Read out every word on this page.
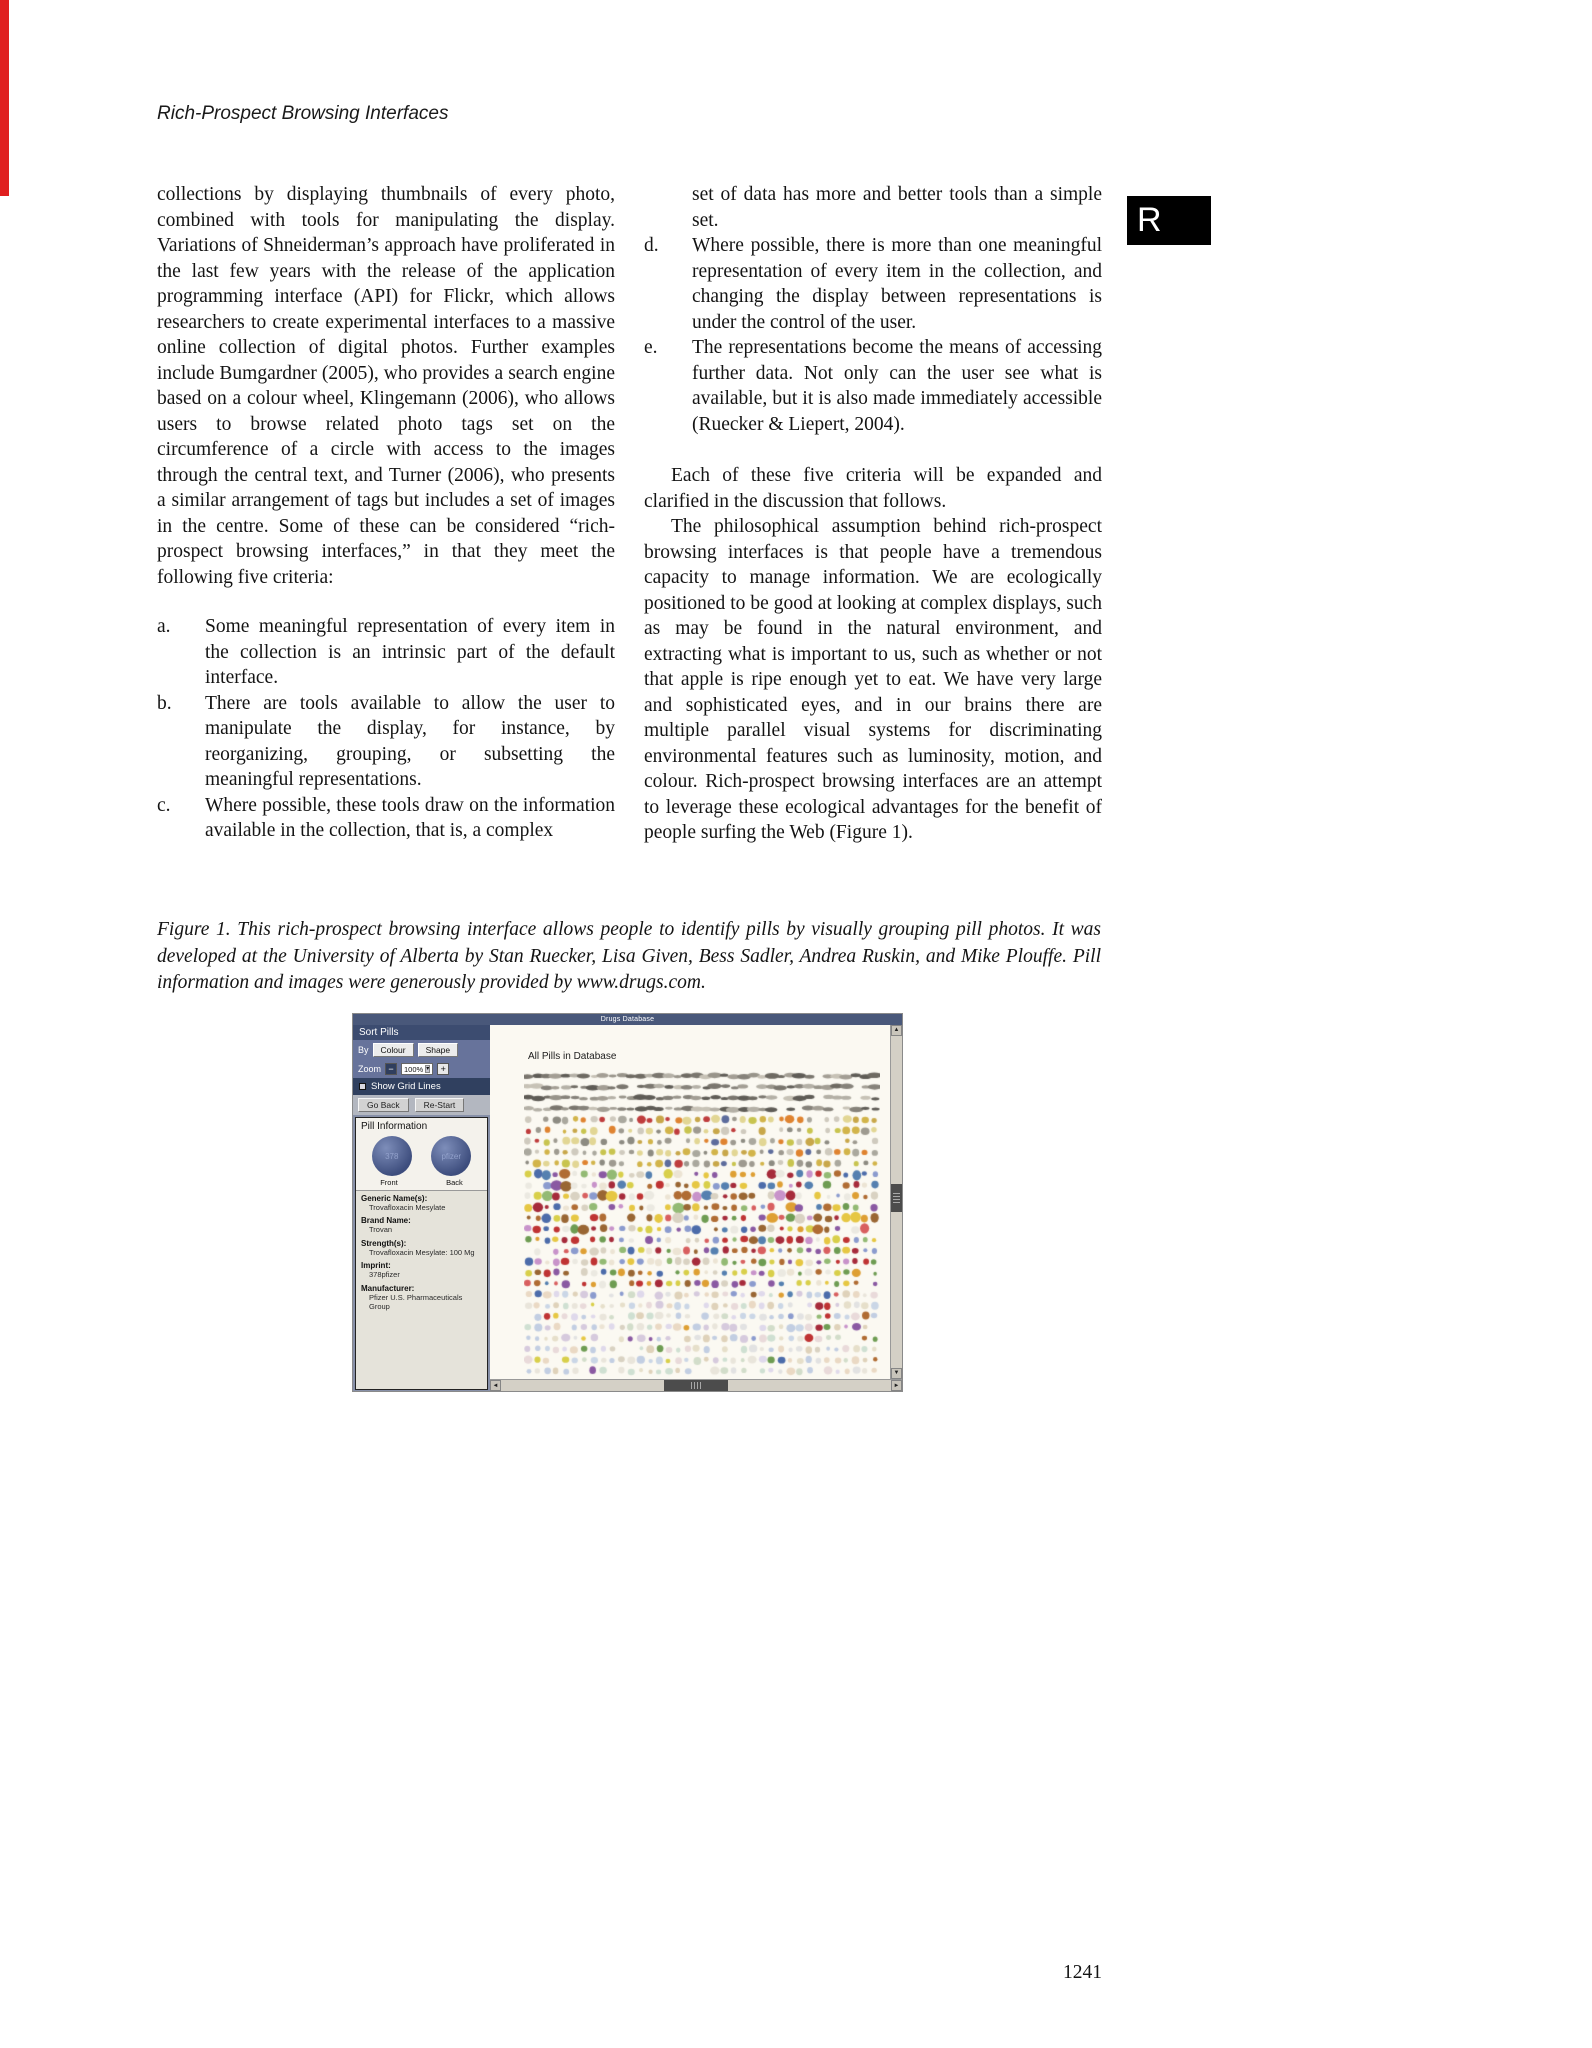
Rich-Prospect Browsing Interfaces
R

collections by displaying thumbnails of every photo, combined with tools for manipulating the display. Variations of Shneiderman’s approach have proliferated in the last few years with the release of the application programming interface (API) for Flickr, which allows researchers to create experimental interfaces to a massive online collection of digital photos. Further examples include Bumgardner (2005), who provides a search engine based on a colour wheel, Klingemann (2006), who allows users to browse related photo tags set on the circumference of a circle with access to the images through the central text, and Turner (2006), who presents a similar arrangement of tags but includes a set of images in the centre. Some of these can be considered “rich-prospect browsing interfaces,” in that they meet the following five criteria:

a.	Some meaningful representation of every item in the collection is an intrinsic part of the default interface.
b.	There are tools available to allow the user to manipulate the display, for instance, by reorganizing, grouping, or subsetting the meaningful representations.
c.	Where possible, these tools draw on the information available in the collection, that is, a complex

set of data has more and better tools than a simple set.

d.	Where possible, there is more than one meaningful representation of every item in the collection, and changing the display between representations is under the control of the user.
e.	The representations become the means of accessing further data. Not only can the user see what is available, but it is also made immediately accessible (Ruecker & Liepert, 2004).

Each of these five criteria will be expanded and clarified in the discussion that follows.

The philosophical assumption behind rich-prospect browsing interfaces is that people have a tremendous capacity to manage information. We are ecologically positioned to be good at looking at complex displays, such as may be found in the natural environment, and extracting what is important to us, such as whether or not that apple is ripe enough yet to eat. We have very large and sophisticated eyes, and in our brains there are multiple parallel visual systems for discriminating environmental features such as luminosity, motion, and colour. Rich-prospect browsing interfaces are an attempt to leverage these ecological advantages for the benefit of people surfing the Web (Figure 1).

Figure 1. This rich-prospect browsing interface allows people to identify pills by visually grouping pill photos. It was developed at the University of Alberta by Stan Ruecker, Lisa Given, Bess Sadler, Andrea Ruskin, and Mike Plouffe. Pill information and images were generously provided by www.drugs.com.
Drugs Database
Sort Pills
By	Colour	Shape
Zoom −	100% ▾	+
Show Grid Lines
Go Back	Re-Start
Pill Information
378	pfizer
Front	Back
Generic Name(s):
Trovafloxacin Mesylate
Brand Name:
Trovan
Strength(s):
Trovafloxacin Mesylate: 100 Mg
Imprint:
378pfizer
Manufacturer:
Pfizer U.S. Pharmaceuticals Group
All Pills in Database
▲
▼
◄	►
1241
